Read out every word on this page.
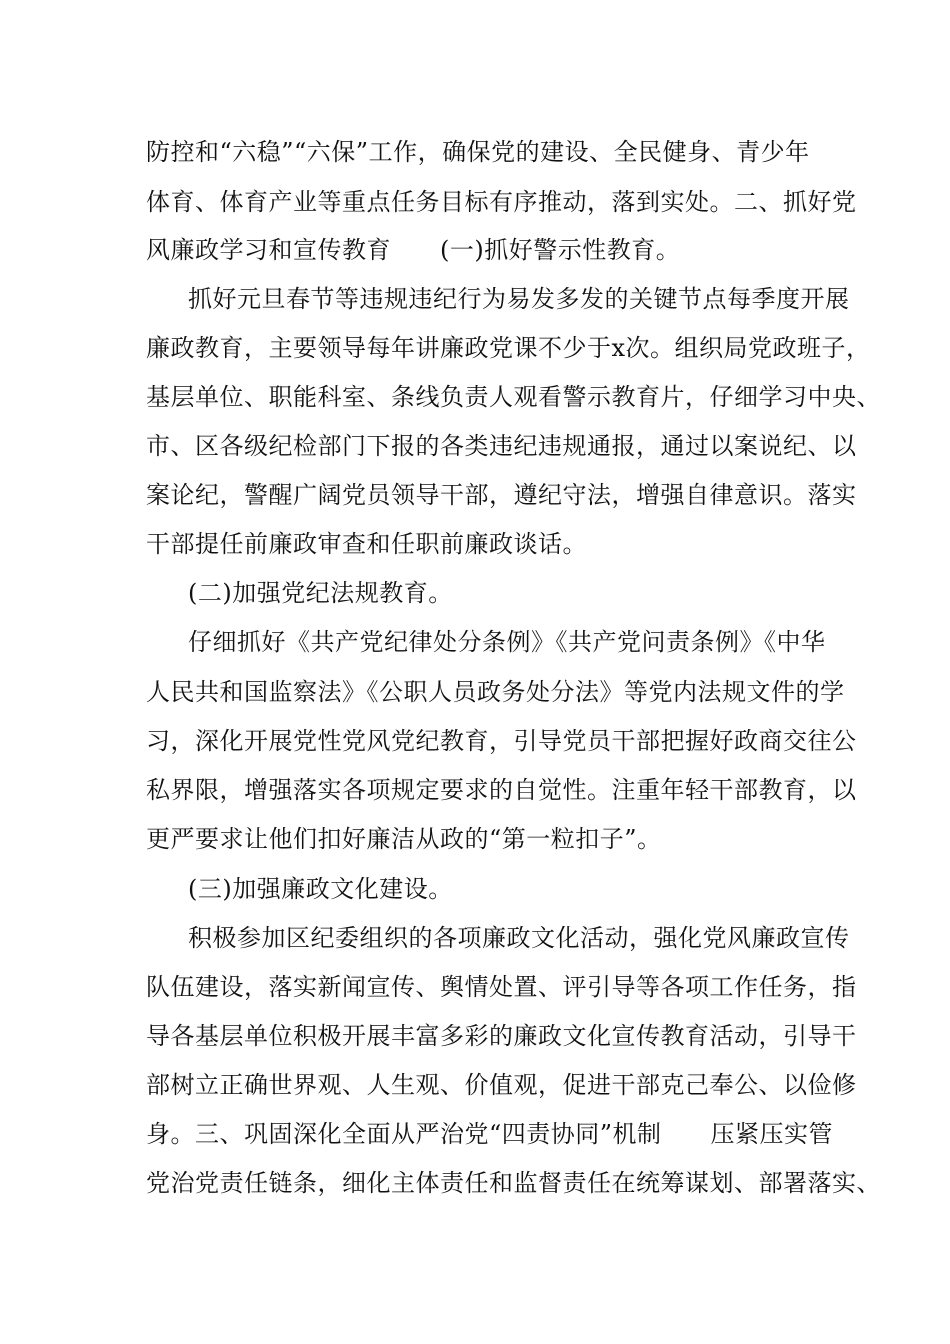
防控和“六稳”“六保”工作，确保党的建设、全民健身、青少年
体育、体育产业等重点任务目标有序推动，落到实处。二、抓好党
风廉政学习和宣传教育　　(一)抓好警示性教育。
抓好元旦春节等违规违纪行为易发多发的关键节点每季度开展
廉政教育，主要领导每年讲廉政党课不少于x次。组织局党政班子，
基层单位、职能科室、条线负责人观看警示教育片，仔细学习中央、
市、区各级纪检部门下报的各类违纪违规通报，通过以案说纪、以
案论纪，警醒广阔党员领导干部，遵纪守法，增强自律意识。落实
干部提任前廉政审查和任职前廉政谈话。
(二)加强党纪法规教育。
仔细抓好《共产党纪律处分条例》《共产党问责条例》《中华
人民共和国监察法》《公职人员政务处分法》等党内法规文件的学
习，深化开展党性党风党纪教育，引导党员干部把握好政商交往公
私界限，增强落实各项规定要求的自觉性。注重年轻干部教育，以
更严要求让他们扣好廉洁从政的“第一粒扣子”。
(三)加强廉政文化建设。
积极参加区纪委组织的各项廉政文化活动，强化党风廉政宣传
队伍建设，落实新闻宣传、舆情处置、评引导等各项工作任务，指
导各基层单位积极开展丰富多彩的廉政文化宣传教育活动，引导干
部树立正确世界观、人生观、价值观，促进干部克己奉公、以俭修
身。三、巩固深化全面从严治党“四责协同”机制　　压紧压实管
党治党责任链条，细化主体责任和监督责任在统筹谋划、部署落实、
